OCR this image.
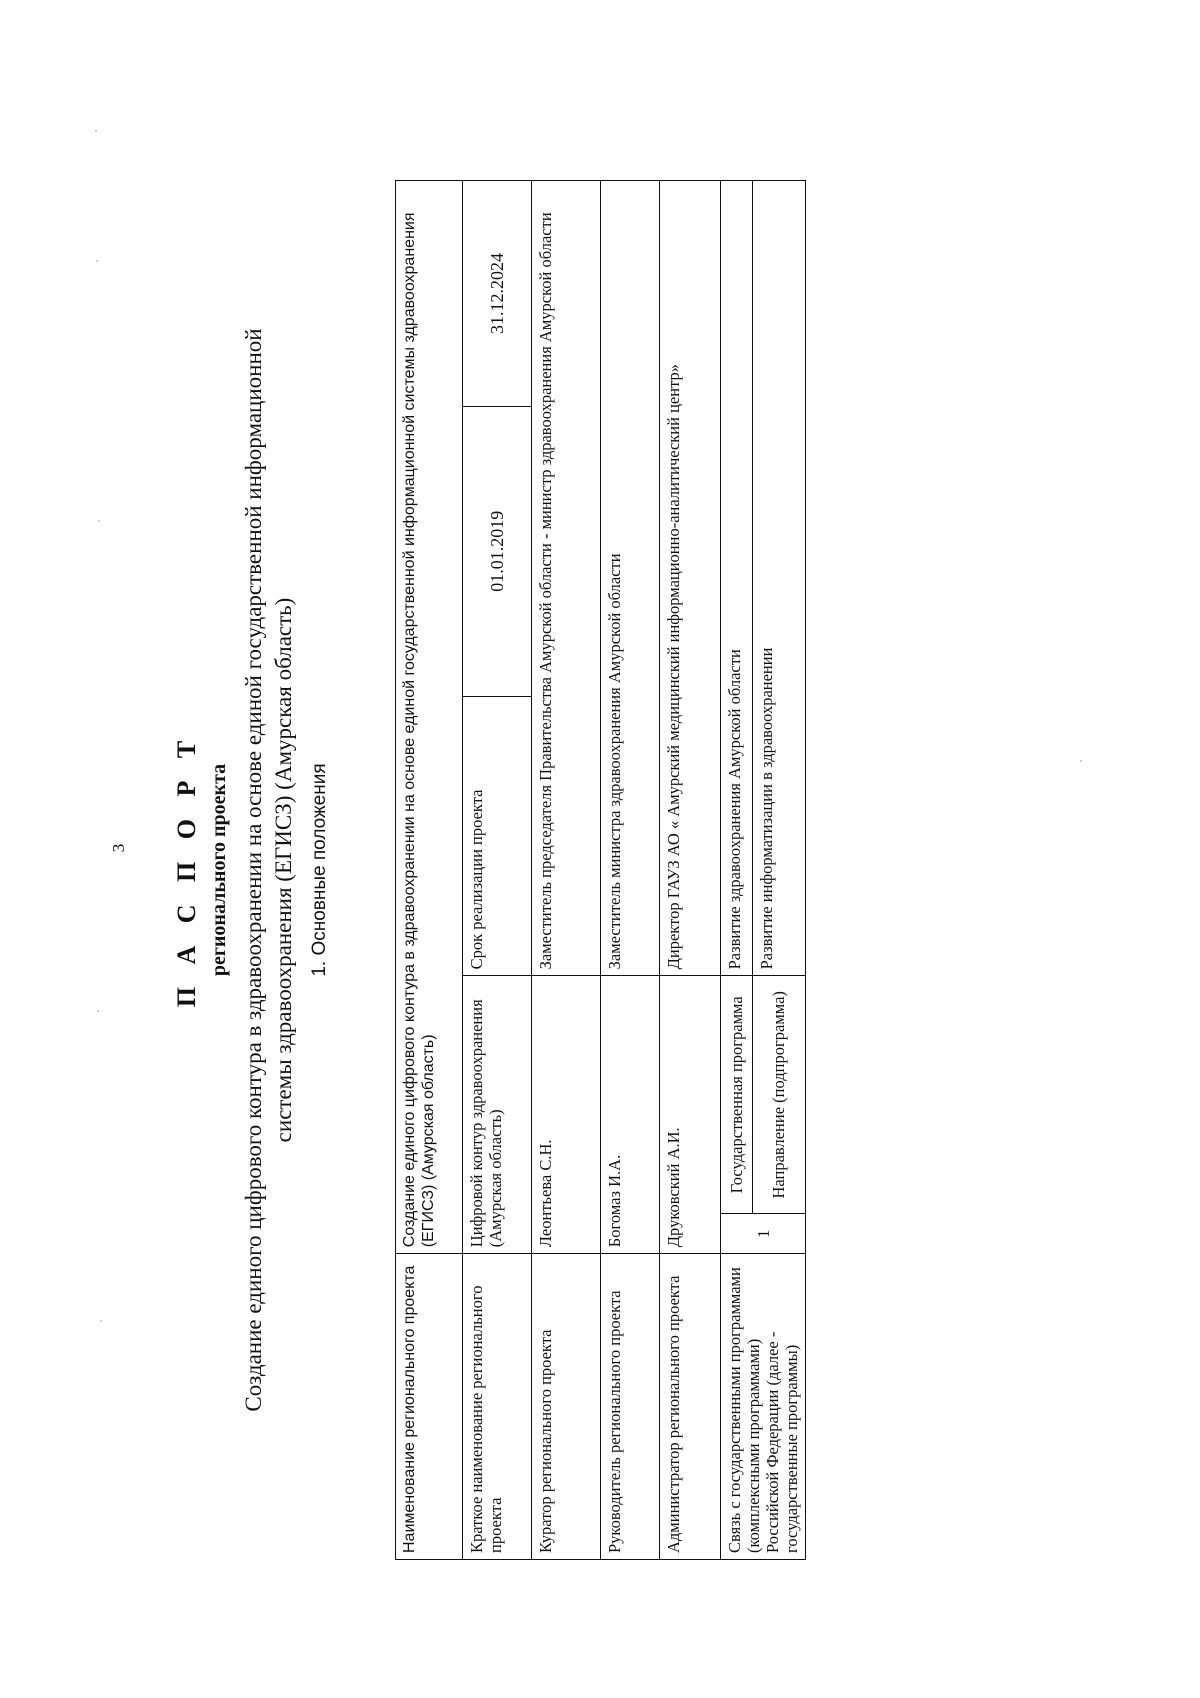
3 П А С П О Р Т регионального проекта Создание единого цифрового контура в здравоохранении на основе единой государственной информационной системы здравоохранения (ЕГИСЗ) (Амурская область) 1. Основные положения

Наименование регионального проекта	Создание единого цифрового контура в здравоохранении на основе единой государственной информационной системы здравоохранения (ЕГИСЗ) (Амурская область)				
Краткое наименование регионального проекта	Цифровой контур здравоохранения (Амурская область)		Срок реализации проекта	01.01.2019	31.12.2024
Куратор регионального проекта	Леонтьева С.Н.		Заместитель председателя Правительства Амурской области - министр здравоохранения Амурской области		
Руководитель регионального проекта	Богомаз И.А.		Заместитель министра здравоохранения Амурской области		
Администратор регионального проекта	Друковский А.И.		Директор ГАУЗ АО « Амурский медицинский информационно-аналитический центр»		
Связь с государственными программами (комплексными программами) Российской Федерации (далее - государственные программы)	1	Государственная программа	Развитие здравоохранения Амурской области		
		Направление (подпрограмма)	Развитие информатизации в здравоохранении		
